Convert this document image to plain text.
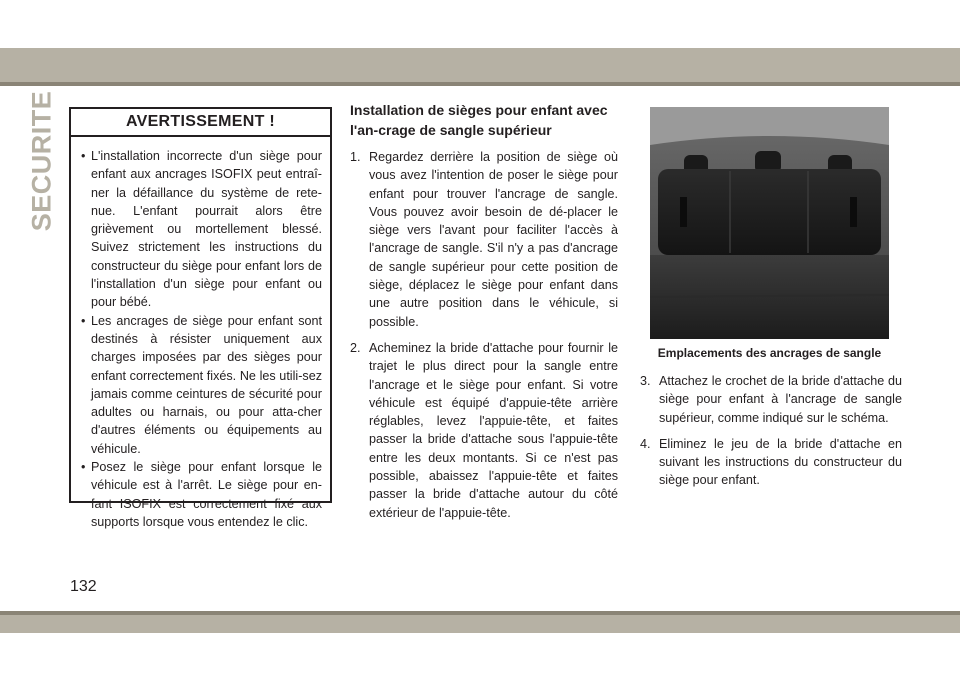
SECURITE	AVERTISSEMENT !
• L'installation incorrecte d'un siège pour enfant aux ancrages ISOFIX peut entraî-ner la défaillance du système de rete-nue. L'enfant pourrait alors être grièvement ou mortellement blessé. Suivez strictement les instructions du constructeur du siège pour enfant lors de l'installation d'un siège pour enfant ou pour bébé.
• Les ancrages de siège pour enfant sont destinés à résister uniquement aux charges imposées par des sièges pour enfant correctement fixés. Ne les utili-sez jamais comme ceintures de sécurité pour adultes ou harnais, ou pour atta-cher d'autres éléments ou équipements au véhicule.
• Posez le siège pour enfant lorsque le véhicule est à l'arrêt. Le siège pour en-fant ISOFIX est correctement fixé aux supports lorsque vous entendez le clic.
Installation de sièges pour enfant avec l'an-crage de sangle supérieur
1. Regardez derrière la position de siège où vous avez l'intention de poser le siège pour enfant pour trouver l'ancrage de sangle. Vous pouvez avoir besoin de dé-placer le siège vers l'avant pour faciliter l'accès à l'ancrage de sangle. S'il n'y a pas d'ancrage de sangle supérieur pour cette position de siège, déplacez le siège pour enfant dans une autre position dans le véhicule, si possible.
2. Acheminez la bride d'attache pour fournir le trajet le plus direct pour la sangle entre l'ancrage et le siège pour enfant. Si votre véhicule est équipé d'appuie-tête arrière réglables, levez l'appuie-tête, et faites passer la bride d'attache sous l'appuie-tête entre les deux montants. Si ce n'est pas possible, abaissez l'appuie-tête et faites passer la bride d'attache autour du côté extérieur de l'appuie-tête.
Emplacements des ancrages de sangle
3. Attachez le crochet de la bride d'attache du siège pour enfant à l'ancrage de sangle supérieur, comme indiqué sur le schéma.
4. Eliminez le jeu de la bride d'attache en suivant les instructions du constructeur du siège pour enfant.
132
